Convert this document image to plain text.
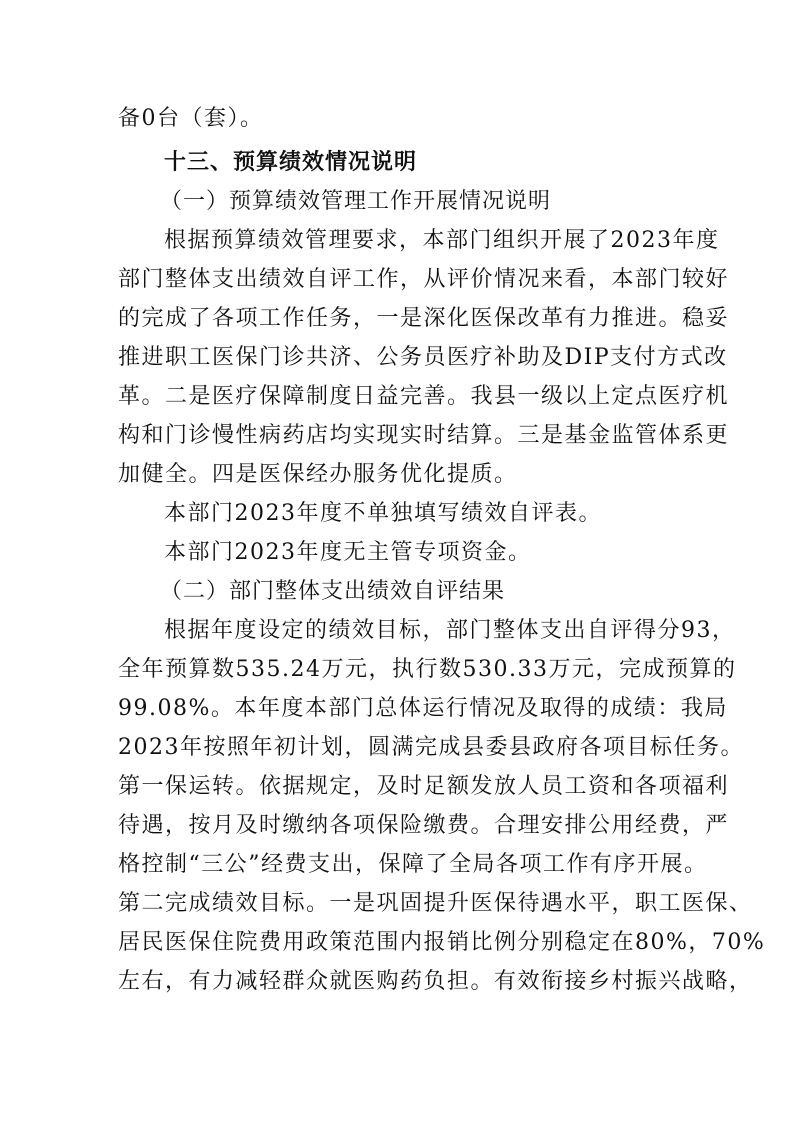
备0台（套）。
十三、预算绩效情况说明
（一）预算绩效管理工作开展情况说明
根据预算绩效管理要求，本部门组织开展了2023年度
部门整体支出绩效自评工作，从评价情况来看，本部门较好
的完成了各项工作任务，一是深化医保改革有力推进。稳妥
推进职工医保门诊共济、公务员医疗补助及DIP支付方式改
革。二是医疗保障制度日益完善。我县一级以上定点医疗机
构和门诊慢性病药店均实现实时结算。三是基金监管体系更
加健全。四是医保经办服务优化提质。
本部门2023年度不单独填写绩效自评表。
本部门2023年度无主管专项资金。
（二）部门整体支出绩效自评结果
根据年度设定的绩效目标，部门整体支出自评得分93，
全年预算数535.24万元，执行数530.33万元，完成预算的
99.08%。本年度本部门总体运行情况及取得的成绩：我局
2023年按照年初计划，圆满完成县委县政府各项目标任务。
第一保运转。依据规定，及时足额发放人员工资和各项福利
待遇，按月及时缴纳各项保险缴费。合理安排公用经费，严
格控制“三公”经费支出，保障了全局各项工作有序开展。
第二完成绩效目标。一是巩固提升医保待遇水平，职工医保、
居民医保住院费用政策范围内报销比例分别稳定在80%，70%
左右，有力减轻群众就医购药负担。有效衔接乡村振兴战略，
